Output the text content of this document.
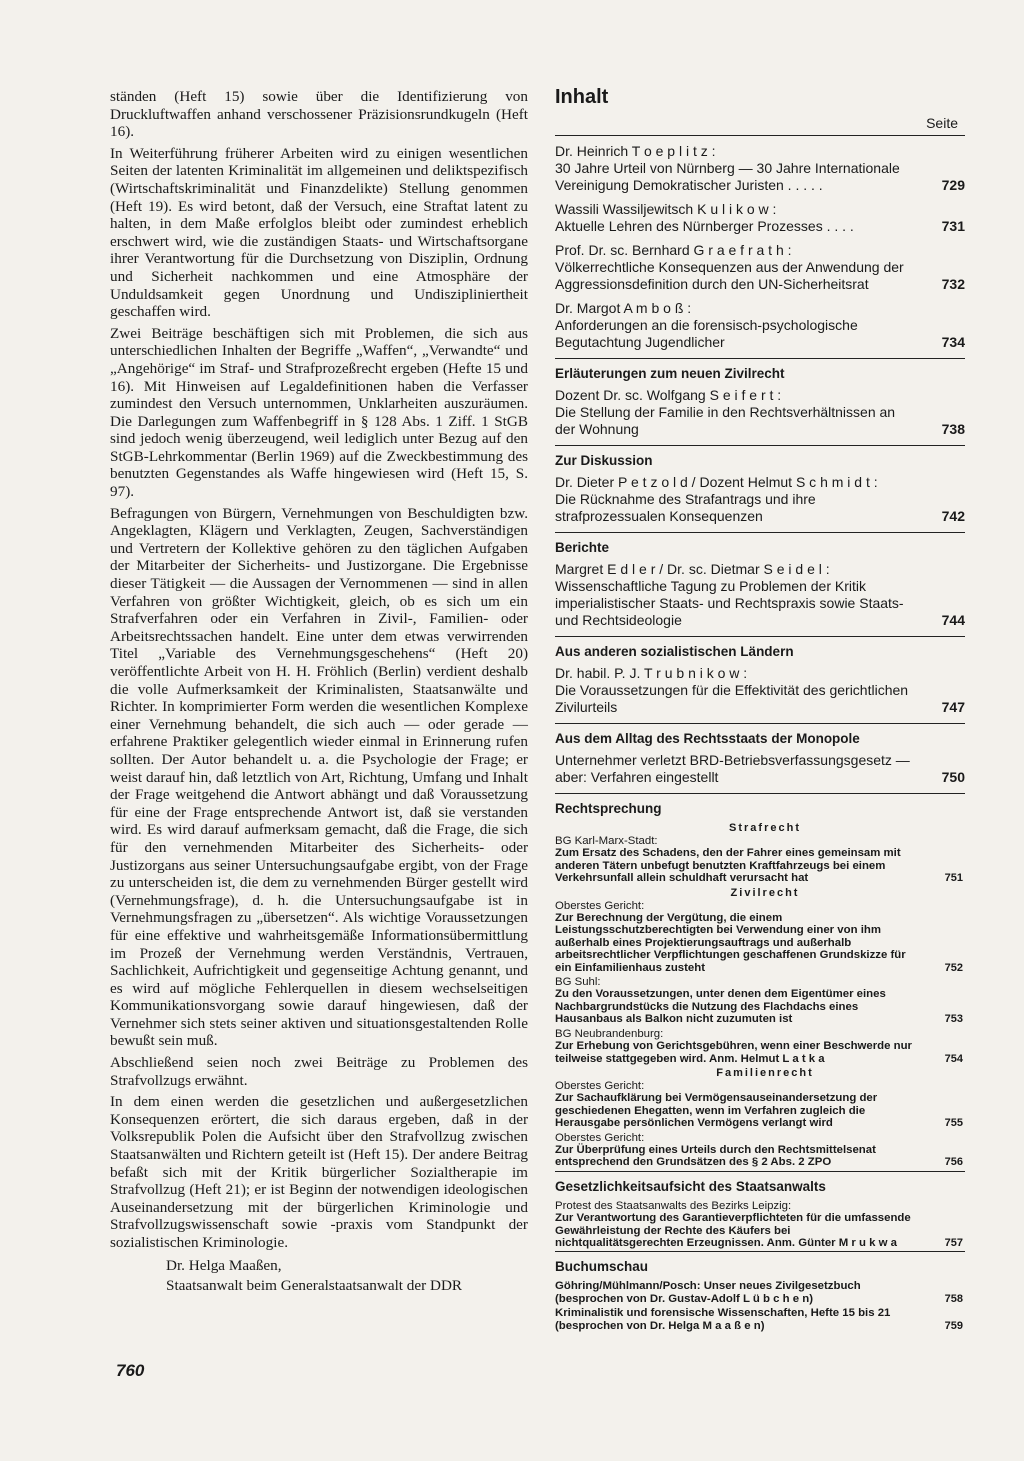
ständen (Heft 15) sowie über die Identifizierung von Druckluftwaffen anhand verschossener Präzisionsrundkugeln (Heft 16).

In Weiterführung früherer Arbeiten wird zu einigen wesentlichen Seiten der latenten Kriminalität im allgemeinen und deliktspezifisch (Wirtschaftskriminalität und Finanzdelikte) Stellung genommen (Heft 19). Es wird betont, daß der Versuch, eine Straftat latent zu halten, in dem Maße erfolglos bleibt oder zumindest erheblich erschwert wird, wie die zuständigen Staats- und Wirtschaftsorgane ihrer Verantwortung für die Durchsetzung von Disziplin, Ordnung und Sicherheit nachkommen und eine Atmosphäre der Unduldsamkeit gegen Unordnung und Undiszipliniertheit geschaffen wird.

Zwei Beiträge beschäftigen sich mit Problemen, die sich aus unterschiedlichen Inhalten der Begriffe „Waffen“, „Verwandte“ und „Angehörige“ im Straf- und Strafprozeßrecht ergeben (Hefte 15 und 16). Mit Hinweisen auf Legaldefinitionen haben die Verfasser zumindest den Versuch unternommen, Unklarheiten auszuräumen. Die Darlegungen zum Waffenbegriff in § 128 Abs. 1 Ziff. 1 StGB sind jedoch wenig überzeugend, weil lediglich unter Bezug auf den StGB-Lehrkommentar (Berlin 1969) auf die Zweckbestimmung des benutzten Gegenstandes als Waffe hingewiesen wird (Heft 15, S. 97).

Befragungen von Bürgern, Vernehmungen von Beschuldigten bzw. Angeklagten, Klägern und Verklagten, Zeugen, Sachverständigen und Vertretern der Kollektive gehören zu den täglichen Aufgaben der Mitarbeiter der Sicherheits- und Justizorgane. Die Ergebnisse dieser Tätigkeit — die Aussagen der Vernommenen — sind in allen Verfahren von größter Wichtigkeit, gleich, ob es sich um ein Strafverfahren oder ein Verfahren in Zivil-, Familien- oder Arbeitsrechtssachen handelt. Eine unter dem etwas verwirrenden Titel „Variable des Vernehmungsgeschehens“ (Heft 20) veröffentlichte Arbeit von H. H. Fröhlich (Berlin) verdient deshalb die volle Aufmerksamkeit der Kriminalisten, Staatsanwälte und Richter. In komprimierter Form werden die wesentlichen Komplexe einer Vernehmung behandelt, die sich auch — oder gerade — erfahrene Praktiker gelegentlich wieder einmal in Erinnerung rufen sollten. Der Autor behandelt u. a. die Psychologie der Frage; er weist darauf hin, daß letztlich von Art, Richtung, Umfang und Inhalt der Frage weitgehend die Antwort abhängt und daß Voraussetzung für eine der Frage entsprechende Antwort ist, daß sie verstanden wird. Es wird darauf aufmerksam gemacht, daß die Frage, die sich für den vernehmenden Mitarbeiter des Sicherheits- oder Justizorgans aus seiner Untersuchungsaufgabe ergibt, von der Frage zu unterscheiden ist, die dem zu vernehmenden Bürger gestellt wird (Vernehmungsfrage), d. h. die Untersuchungsaufgabe ist in Vernehmungsfragen zu „übersetzen“. Als wichtige Voraussetzungen für eine effektive und wahrheitsgemäße Informationsübermittlung im Prozeß der Vernehmung werden Verständnis, Vertrauen, Sachlichkeit, Aufrichtigkeit und gegenseitige Achtung genannt, und es wird auf mögliche Fehlerquellen in diesem wechselseitigen Kommunikationsvorgang sowie darauf hingewiesen, daß der Vernehmer sich stets seiner aktiven und situationsgestaltenden Rolle bewußt sein muß.

Abschließend seien noch zwei Beiträge zu Problemen des Strafvollzugs erwähnt.

In dem einen werden die gesetzlichen und außergesetzlichen Konsequenzen erörtert, die sich daraus ergeben, daß in der Volksrepublik Polen die Aufsicht über den Strafvollzug zwischen Staatsanwälten und Richtern geteilt ist (Heft 15). Der andere Beitrag befaßt sich mit der Kritik bürgerlicher Sozialtherapie im Strafvollzug (Heft 21); er ist Beginn der notwendigen ideologischen Auseinandersetzung mit der bürgerlichen Kriminologie und Strafvollzugswissenschaft sowie -praxis vom Standpunkt der sozialistischen Kriminologie.

Dr. Helga Maaßen,
Staatsanwalt beim Generalstaatsanwalt der DDR
760
Inhalt
Seite
Dr. Heinrich T o e p l i t z :
30 Jahre Urteil von Nürnberg — 30 Jahre Internationale Vereinigung Demokratischer Juristen . . . . .	729
Wassili Wassiljewitsch K u l i k o w :
Aktuelle Lehren des Nürnberger Prozesses . . . .	731
Prof. Dr. sc. Bernhard G r a e f r a t h :
Völkerrechtliche Konsequenzen aus der Anwendung der Aggressionsdefinition durch den UN-Sicherheitsrat	732
Dr. Margot A m b o ß :
Anforderungen an die forensisch-psychologische Begutachtung Jugendlicher	734
Erläuterungen zum neuen Zivilrecht
Dozent Dr. sc. Wolfgang S e i f e r t :
Die Stellung der Familie in den Rechtsverhältnissen an der Wohnung	738
Zur Diskussion
Dr. Dieter P e t z o l d / Dozent Helmut S c h m i d t :
Die Rücknahme des Strafantrags und ihre strafprozessualen Konsequenzen	742
Berichte
Margret E d l e r / Dr. sc. Dietmar S e i d e l :
Wissenschaftliche Tagung zu Problemen der Kritik imperialistischer Staats- und Rechtspraxis sowie Staats- und Rechtsideologie	744
Aus anderen sozialistischen Ländern
Dr. habil. P. J. T r u b n i k o w :
Die Voraussetzungen für die Effektivität des gerichtlichen Zivilurteils	747
Aus dem Alltag des Rechtsstaats der Monopole
Unternehmer verletzt BRD-Betriebsverfassungsgesetz — aber: Verfahren eingestellt	750
Rechtsprechung
Strafrecht
BG Karl-Marx-Stadt:
Zum Ersatz des Schadens, den der Fahrer eines gemeinsam mit anderen Tätern unbefugt benutzten Kraftfahrzeugs bei einem Verkehrsunfall allein schuldhaft verursacht hat	751
Zivilrecht
Oberstes Gericht:
Zur Berechnung der Vergütung, die einem Leistungsschutzberechtigten bei Verwendung einer von ihm außerhalb eines Projektierungsauftrags und außerhalb arbeitsrechtlicher Verpflichtungen geschaffenen Grundskizze für ein Einfamilienhaus zusteht	752
BG Suhl:
Zu den Voraussetzungen, unter denen dem Eigentümer eines Nachbargrundstücks die Nutzung des Flachdachs eines Hausanbaus als Balkon nicht zuzumuten ist	753
BG Neubrandenburg:
Zur Erhebung von Gerichtsgebühren, wenn einer Beschwerde nur teilweise stattgegeben wird. Anm. Helmut L a t k a	754
Familienrecht
Oberstes Gericht:
Zur Sachaufklärung bei Vermögensauseinandersetzung der geschiedenen Ehegatten, wenn im Verfahren zugleich die Herausgabe persönlichen Vermögens verlangt wird	755
Oberstes Gericht:
Zur Überprüfung eines Urteils durch den Rechtsmittelsenat entsprechend den Grundsätzen des § 2 Abs. 2 ZPO	756
Gesetzlichkeitsaufsicht des Staatsanwalts
Protest des Staatsanwalts des Bezirks Leipzig:
Zur Verantwortung des Garantieverpflichteten für die umfassende Gewährleistung der Rechte des Käufers bei nichtqualitätsgerechten Erzeugnissen. Anm. Günter M r u k w a	757
Buchumschau
Göhring/Mühlmann/Posch: Unser neues Zivilgesetzbuch (besprochen von Dr. Gustav-Adolf L ü b c h e n)	758
Kriminalistik und forensische Wissenschaften, Hefte 15 bis 21 (besprochen von Dr. Helga M a a ß e n)	759
